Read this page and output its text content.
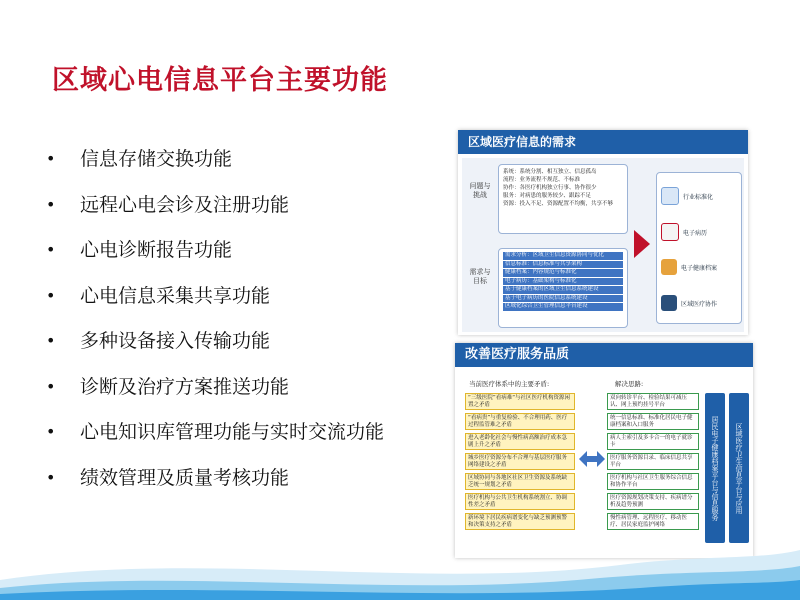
区域心电信息平台主要功能
•	信息存储交换功能
•	远程心电会诊及注册功能
•	心电诊断报告功能
•	心电信息采集共享功能
•	多种设备接入传输功能
•	诊断及治疗方案推送功能
•	心电知识库管理功能与实时交流功能
•	绩效管理及质量考核功能
区域医疗信息的需求
问题与挑战
需求与目标
系统：系统分割、相互独立、信息孤岛
流程：业务流程不规范、不标准
协作：各医疗机构独立行事、协作很少
服务：对病患的服务较少、跟踪不足
资源：投入不足、资源配置不均衡，共享不够
需求分析：区域卫生信息资源协同与优化
信息标准：信息标准与共享架构
健康档案：内容规范与标准化
电子病历：基础架构与标准化
基于健康档案的区域卫生信息系统建设
基于电子病历的医院信息系统建设
区域化综合卫生管理信息平台建设
行业标准化
电子病历
电子健康档案
区域医疗协作
改善医疗服务品质
当前医疗体系中的主要矛盾:	解决思路:
“三级医院”看病难“与社区医疗机构资源闲置之矛盾
“看病贵”与重复检验、不合理用药、医疗过程监管难之矛盾
进入老龄化社会与慢性病高额治疗成本急剧上升之矛盾
城乡医疗资源分布不合理与基层医疗服务网络建设之矛盾
区域协同与各地区社区卫生资源及系统缺乏统一规划之矛盾
医疗机构与公共卫生机构系统割立、协调性差之矛盾
新环境下居民疾病谱变化与缺乏预测预警和决策支持之矛盾
双向转诊平台、检验结果可减压认、网上预约挂号平台
统一信息标准、标准化居民电子健康档案和入口服务
病人主索引及多卡合一的电子就诊卡
医疗服务资源目录、临床信息共享平台
医疗机构与社区卫生服务综合信息和协作平台
医疗资源规划决策支持、疾病谱分析及趋势预测
慢性病管理、远程医疗、移动医疗、居民家庭监护网络
居民电子健康档案平台与信息服务	区域医疗卫生信息平台与应用
